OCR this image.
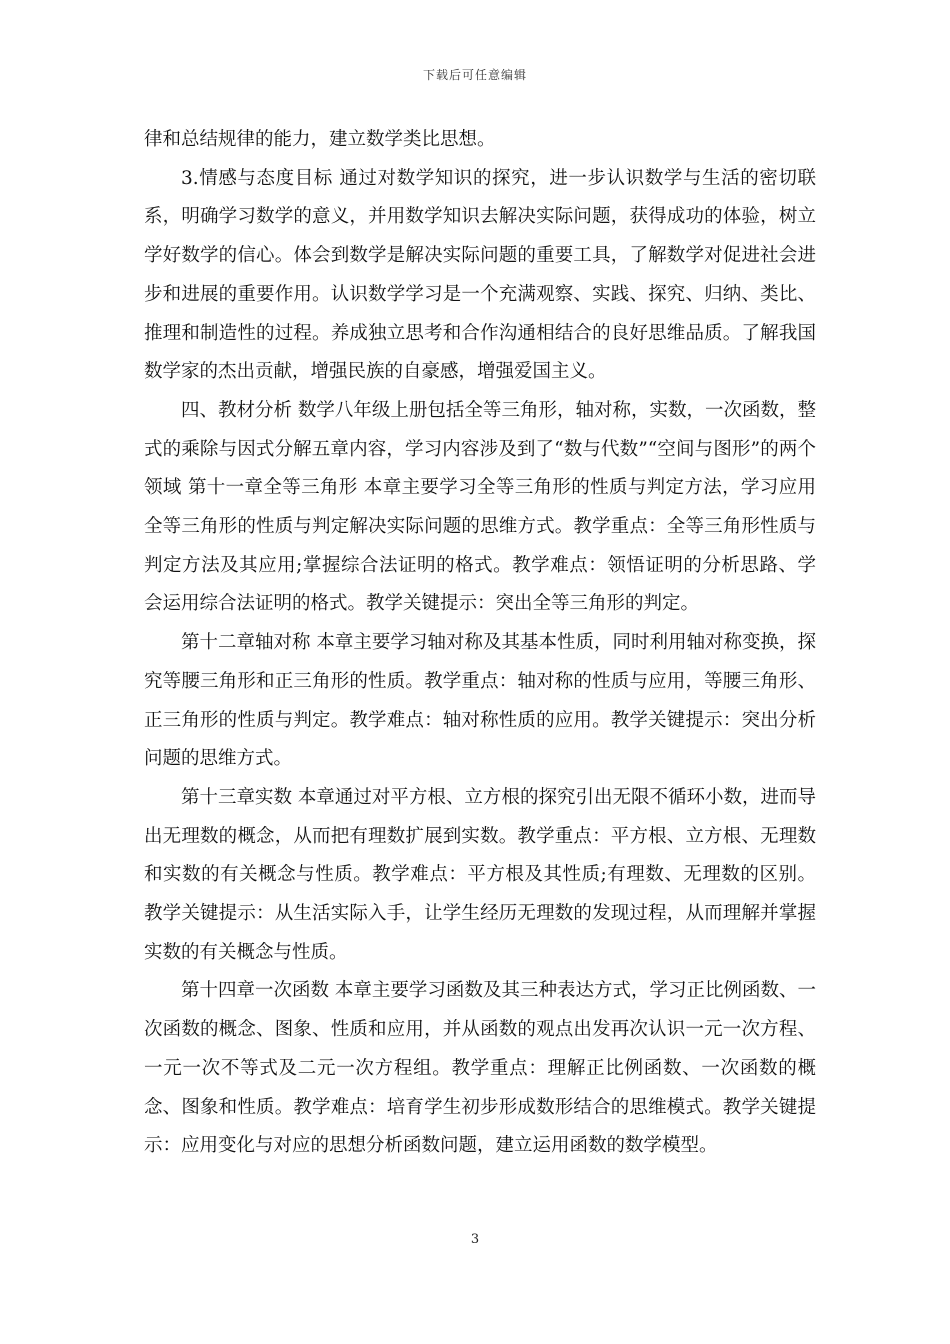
下载后可任意编辑

律和总结规律的能力，建立数学类比思想。

3.情感与态度目标 通过对数学知识的探究，进一步认识数学与生活的密切联系，明确学习数学的意义，并用数学知识去解决实际问题，获得成功的体验，树立学好数学的信心。体会到数学是解决实际问题的重要工具，了解数学对促进社会进步和进展的重要作用。认识数学学习是一个充满观察、实践、探究、归纳、类比、推理和制造性的过程。养成独立思考和合作沟通相结合的良好思维品质。了解我国数学家的杰出贡献，增强民族的自豪感，增强爱国主义。

四、教材分析 数学八年级上册包括全等三角形，轴对称，实数，一次函数，整式的乘除与因式分解五章内容，学习内容涉及到了“数与代数”“空间与图形”的两个领域 第十一章全等三角形 本章主要学习全等三角形的性质与判定方法，学习应用全等三角形的性质与判定解决实际问题的思维方式。教学重点：全等三角形性质与判定方法及其应用;掌握综合法证明的格式。教学难点：领悟证明的分析思路、学会运用综合法证明的格式。教学关键提示：突出全等三角形的判定。

第十二章轴对称 本章主要学习轴对称及其基本性质，同时利用轴对称变换，探究等腰三角形和正三角形的性质。教学重点：轴对称的性质与应用，等腰三角形、正三角形的性质与判定。教学难点：轴对称性质的应用。教学关键提示：突出分析问题的思维方式。

第十三章实数 本章通过对平方根、立方根的探究引出无限不循环小数，进而导出无理数的概念，从而把有理数扩展到实数。教学重点：平方根、立方根、无理数和实数的有关概念与性质。教学难点：平方根及其性质;有理数、无理数的区别。教学关键提示：从生活实际入手，让学生经历无理数的发现过程，从而理解并掌握实数的有关概念与性质。

第十四章一次函数 本章主要学习函数及其三种表达方式，学习正比例函数、一次函数的概念、图象、性质和应用，并从函数的观点出发再次认识一元一次方程、一元一次不等式及二元一次方程组。教学重点：理解正比例函数、一次函数的概念、图象和性质。教学难点：培育学生初步形成数形结合的思维模式。教学关键提示：应用变化与对应的思想分析函数问题，建立运用函数的数学模型。

3
